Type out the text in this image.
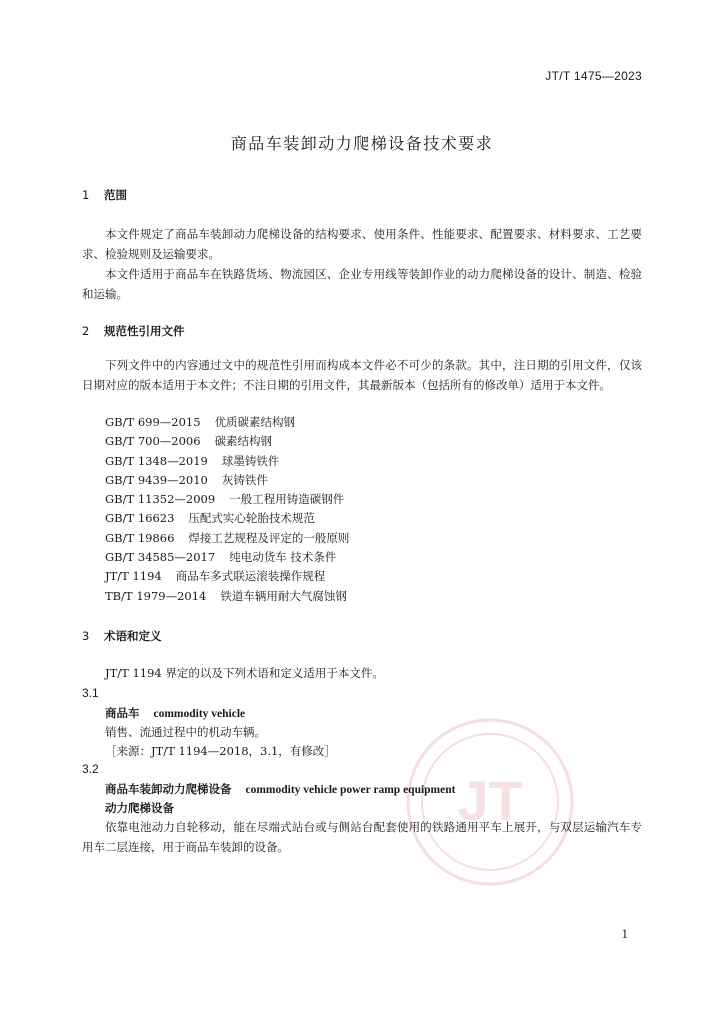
JT/T 1475—2023
商品车装卸动力爬梯设备技术要求
JT
1 范围
本文件规定了商品车装卸动力爬梯设备的结构要求、使用条件、性能要求、配置要求、材料要求、工艺要求、检验规则及运输要求。
本文件适用于商品车在铁路货场、物流园区、企业专用线等装卸作业的动力爬梯设备的设计、制造、检验和运输。
2 规范性引用文件
下列文件中的内容通过文中的规范性引用而构成本文件必不可少的条款。其中，注日期的引用文件，仅该日期对应的版本适用于本文件；不注日期的引用文件，其最新版本（包括所有的修改单）适用于本文件。
GB/T 699—2015 优质碳素结构钢
GB/T 700—2006 碳素结构钢
GB/T 1348—2019 球墨铸铁件
GB/T 9439—2010 灰铸铁件
GB/T 11352—2009 一般工程用铸造碳钢件
GB/T 16623 压配式实心轮胎技术规范
GB/T 19866 焊接工艺规程及评定的一般原则
GB/T 34585—2017 纯电动货车 技术条件
JT/T 1194 商品车多式联运滚装操作规程
TB/T 1979—2014 铁道车辆用耐大气腐蚀钢
3 术语和定义
JT/T 1194 界定的以及下列术语和定义适用于本文件。
3.1
商品车 commodity vehicle
销售、流通过程中的机动车辆。
［来源：JT/T 1194—2018，3.1，有修改］
3.2
商品车装卸动力爬梯设备 commodity vehicle power ramp equipment
动力爬梯设备
依靠电池动力自轮移动，能在尽端式站台或与侧站台配套使用的铁路通用平车上展开，与双层运输汽车专用车二层连接，用于商品车装卸的设备。
1
